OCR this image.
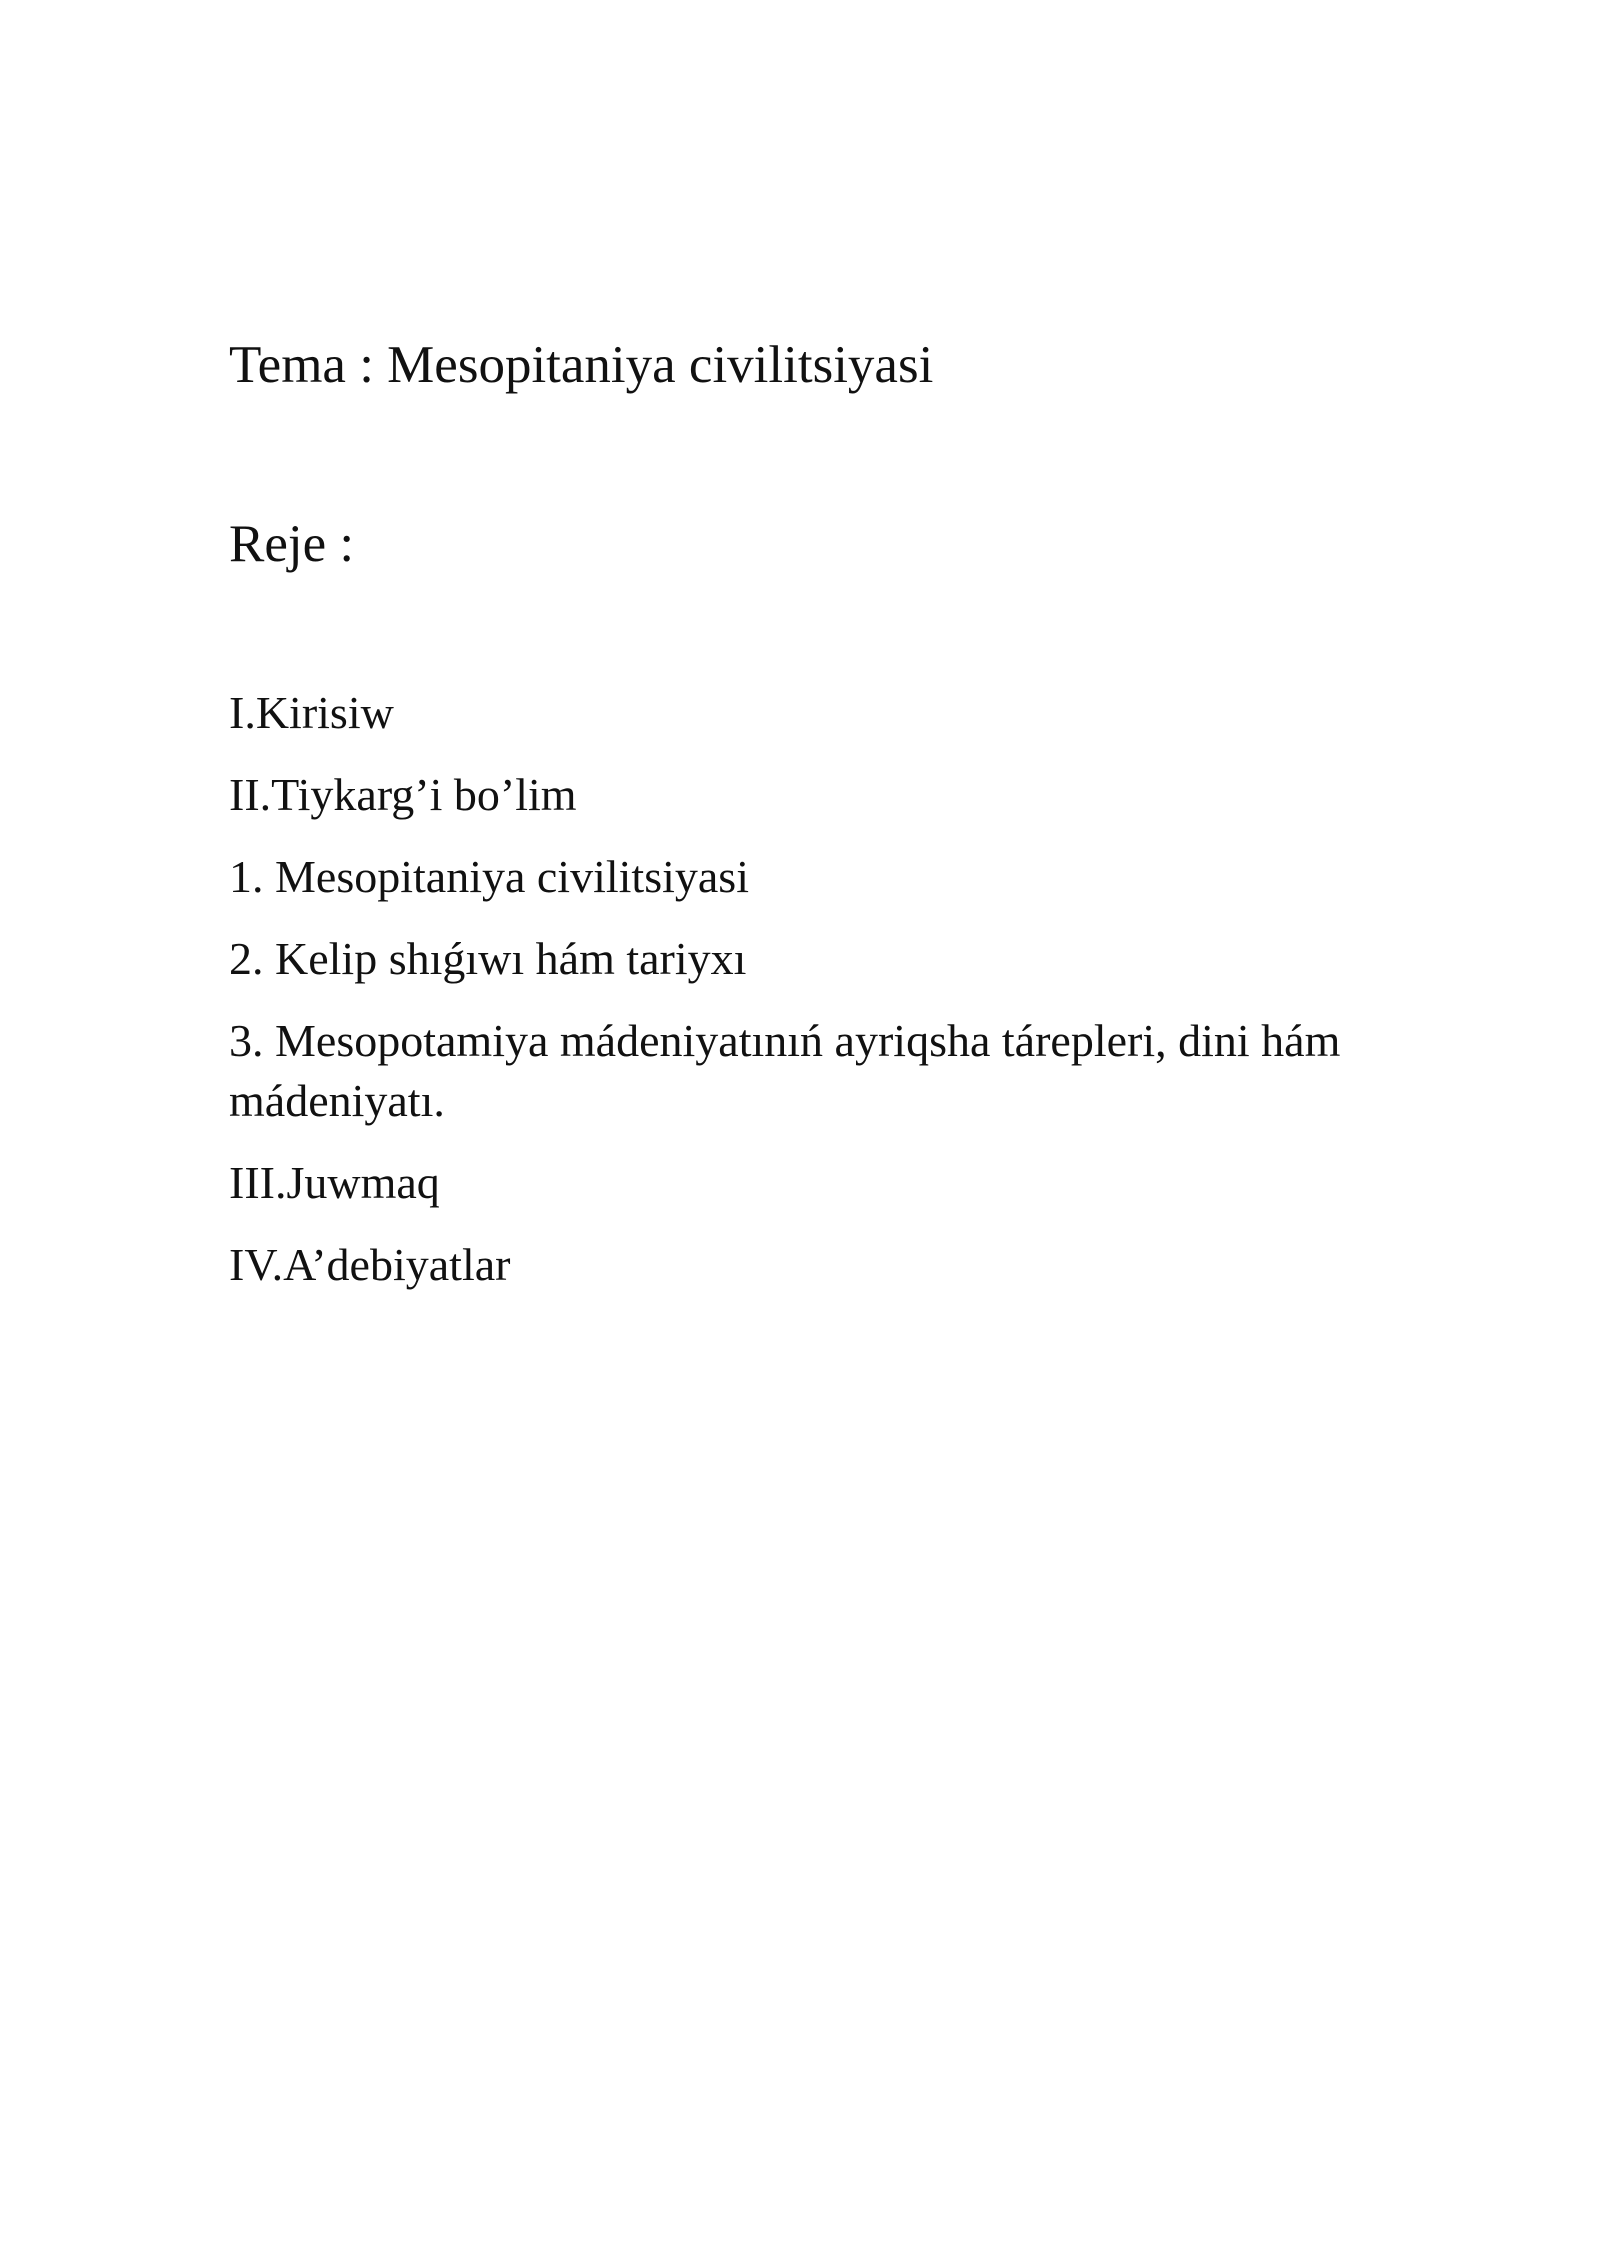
Tema : Mesopitaniya civilitsiyasi
Reje :
I.Kirisiw
II.Tiykarg’i bo’lim
1. Mesopitaniya civilitsiyasi
2. Kelip shıǵıwı hám tariyxı
3. Mesopotamiya mádeniyatınıń ayriqsha tárepleri, dini hám mádeniyatı.
III.Juwmaq
IV.A’debiyatlar
